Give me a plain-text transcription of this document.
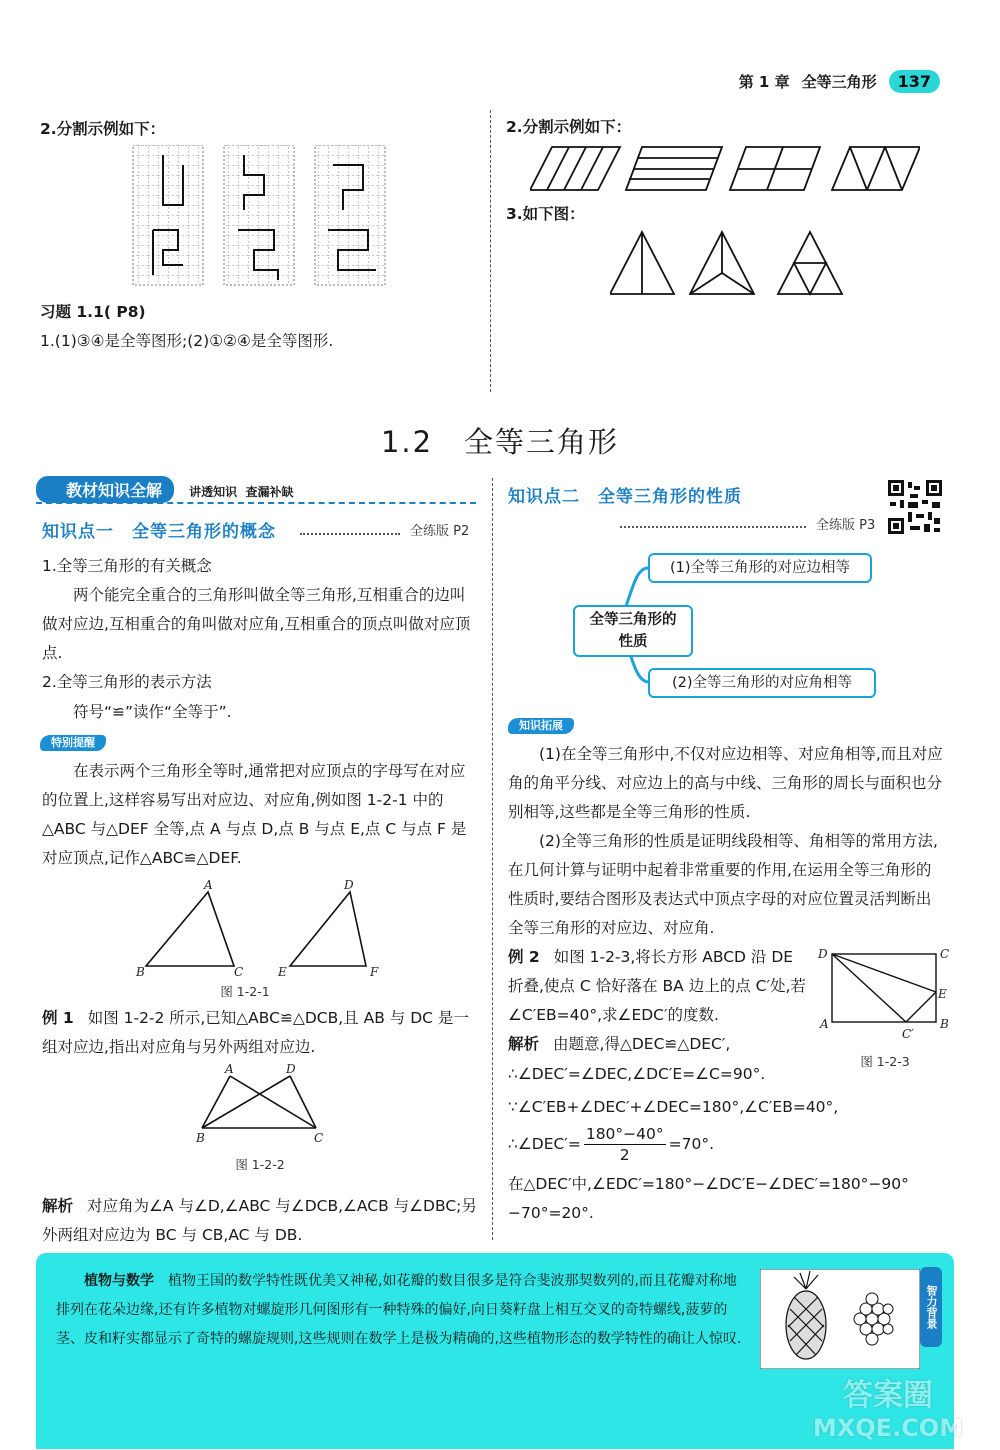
第 1 章 全等三角形	137
2.分割示例如下：
习题 1.1( P8)
1.(1)③④是全等图形;(2)①②④是全等图形.
2.分割示例如下：
3.如下图：
1.2　全等三角形
教材知识全解 讲透知识  查漏补缺
知识点一　全等三角形的概念	全练版 P2
1.全等三角形的有关概念
两个能完全重合的三角形叫做全等三角形,互相重合的边叫做对应边,互相重合的角叫做对应角,互相重合的顶点叫做对应顶点.
2.全等三角形的表示方法
符号“≌”读作“全等于”.
特别提醒
在表示两个三角形全等时,通常把对应顶点的字母写在对应的位置上,这样容易写出对应边、对应角,例如图 1-2-1 中的△ABC 与△DEF 全等,点 A 与点 D,点 B 与点 E,点 C 与点 F 是对应顶点,记作△ABC≌△DEF.
A
B	C
D
E	F
图 1-2-1
例 1 如图 1-2-2 所示,已知△ABC≌△DCB,且 AB 与 DC 是一组对应边,指出对应角与另外两组对应边.
A	D
B	C
图 1-2-2
解析 对应角为∠A 与∠D,∠ABC 与∠DCB,∠ACB 与∠DBC;另外两组对应边为 BC 与 CB,AC 与 DB.
知识点二　全等三角形的性质
全练版 P3
全等三角形的性质
(1)全等三角形的对应边相等
(2)全等三角形的对应角相等
知识拓展
(1)在全等三角形中,不仅对应边相等、对应角相等,而且对应角的角平分线、对应边上的高与中线、三角形的周长与面积也分别相等,这些都是全等三角形的性质.
(2)全等三角形的性质是证明线段相等、角相等的常用方法,在几何计算与证明中起着非常重要的作用,在运用全等三角形的性质时,要结合图形及表达式中顶点字母的对应位置灵活判断出全等三角形的对应边、对应角.
例 2 如图 1-2-3,将长方形 ABCD 沿 DE 折叠,使点 C 恰好落在 BA 边上的点 C′处,若∠C′EB=40°,求∠EDC′的度数.
D	C
E
A	B
C′
图 1-2-3
解析 由题意,得△DEC≌△DEC′,
∴∠DEC′=∠DEC,∠DC′E=∠C=90°.
∵∠C′EB+∠DEC′+∠DEC=180°,∠C′EB=40°,
∴∠DEC′= $\frac{180^\circ-40^\circ}{2} =70^\circ$.
在△DEC′中,∠EDC′=180°−∠DC′E−∠DEC′=180°−90°−70°=20°.
植物与数学 植物王国的数学特性既优美又神秘,如花瓣的数目很多是符合斐波那契数列的,而且花瓣对称地排列在花朵边缘,还有许多植物对螺旋形几何图形有一种特殊的偏好,向日葵籽盘上相互交叉的奇特螺线,菠萝的茎、皮和籽实都显示了奇特的螺旋规则,这些规则在数学上是极为精确的,这些植物形态的数学特性的确让人惊叹.
智力背景
答案圈
MXQE.COM
